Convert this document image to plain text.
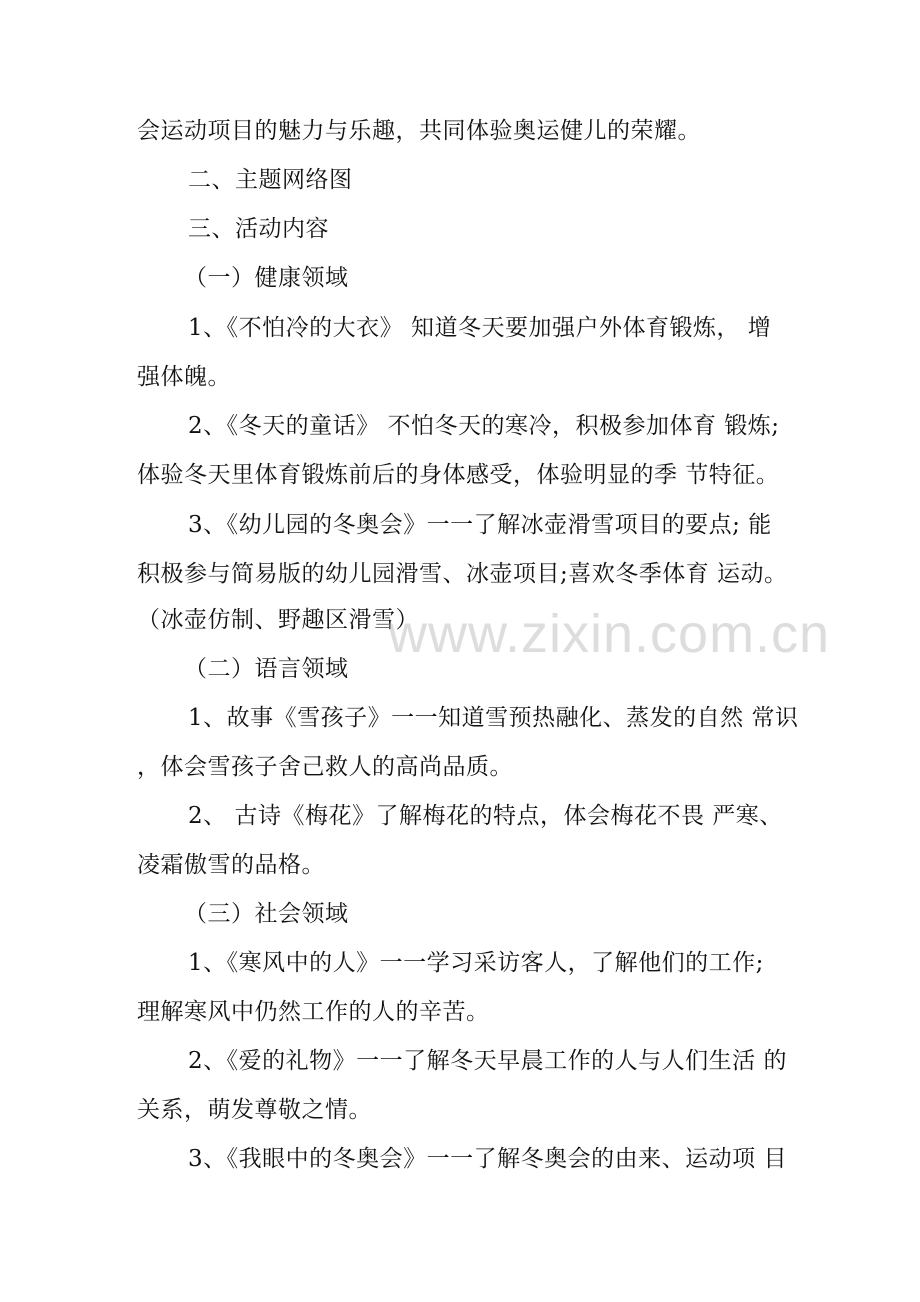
会运动项目的魅力与乐趣，共同体验奥运健儿的荣耀。
二、主题网络图
三、活动内容
（一）健康领域
1、《不怕冷的大衣》 知道冬天要加强户外体育锻炼， 增
强体魄。
2、《冬天的童话》 不怕冬天的寒冷，积极参加体育 锻炼;
体验冬天里体育锻炼前后的身体感受，体验明显的季 节特征。
3、《幼儿园的冬奥会》一一了解冰壶滑雪项目的要点; 能
积极参与简易版的幼儿园滑雪、冰壶项目;喜欢冬季体育 运动。
（冰壶仿制、野趣区滑雪）
www.zixin.com.cn
（二）语言领域
1、故事《雪孩子》一一知道雪预热融化、蒸发的自然 常识
，体会雪孩子舍己救人的高尚品质。
2、 古诗《梅花》了解梅花的特点，体会梅花不畏 严寒、
凌霜傲雪的品格。
（三）社会领域
1、《寒风中的人》一一学习采访客人，了解他们的工作;
理解寒风中仍然工作的人的辛苦。
2、《爱的礼物》一一了解冬天早晨工作的人与人们生活 的
关系，萌发尊敬之情。
3、《我眼中的冬奥会》一一了解冬奥会的由来、运动项 目
